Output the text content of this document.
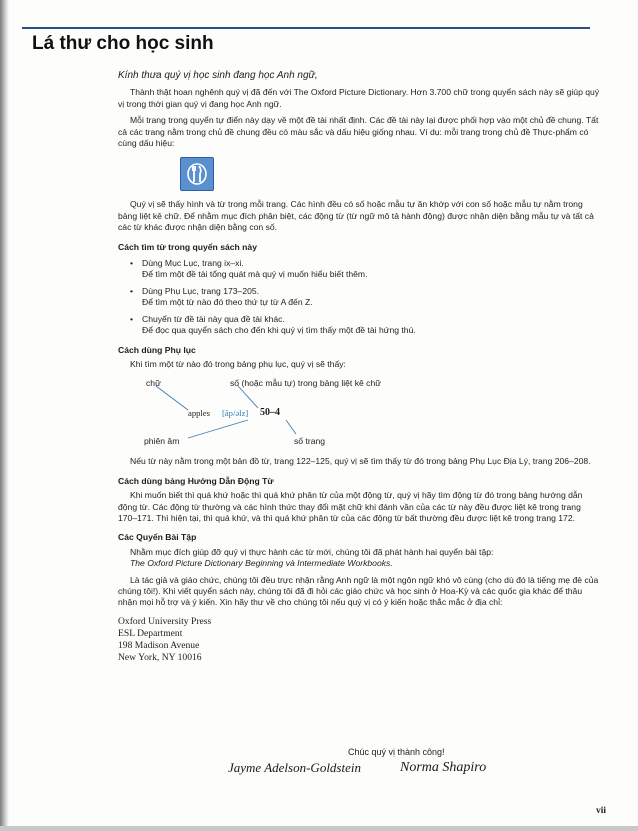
Lá thư cho học sinh

Kính thưa quý vị học sinh đang học Anh ngữ,

Thành thật hoan nghênh quý vị đã đến với The Oxford Picture Dictionary. Hơn 3.700 chữ trong quyển sách này sẽ giúp quý vị trong thời gian quý vị đang học Anh ngữ.

Mỗi trang trong quyển tự điển này dạy về một đề tài nhất định. Các đề tài này lại được phối hợp vào một chủ đề chung. Tất cả các trang nằm trong chủ đề chung đều có màu sắc và dấu hiệu giống nhau. Ví dụ: mỗi trang trong chủ đề Thực-phẩm có cùng dấu hiệu:

Quý vị sẽ thấy hình và từ trong mỗi trang. Các hình đều có số hoặc mẫu tự ăn khớp với con số hoặc mẫu tự nằm trong bảng liệt kê chữ. Để nhằm mục đích phân biệt, các động từ (từ ngữ mô tả hành động) được nhận diện bằng mẫu tự và tất cả các từ khác được nhận diện bằng con số.

Cách tìm từ trong quyển sách này

• Dùng Mục Lục, trang ix–xi.

Để tìm một đề tài tổng quát mà quý vị muốn hiểu biết thêm.

• Dùng Phụ Lục, trang 173–205.

Để tìm một từ nào đó theo thứ tự từ A đến Z.

• Chuyển từ đề tài này qua đề tài khác.

Để đọc qua quyển sách cho đến khi quý vị tìm thấy một đề tài hứng thú.

Cách dùng Phụ lục

Khi tìm một từ nào đó trong bảng phụ lục, quý vị sẽ thấy:

chữ	số (hoặc mẫu tự) trong bảng liệt kê chữ
apples [ăp/əlz] 50–4
phiên âm	số trang

Nếu từ này nằm trong một bản đồ từ, trang 122–125, quý vị sẽ tìm thấy từ đó trong bảng Phụ Lục Địa Lý, trang 206–208.

Cách dùng bảng Hướng Dẫn Động Từ

Khi muốn biết thì quá khứ hoặc thì quá khứ phân từ của một động từ, quý vị hãy tìm động từ đó trong bảng hướng dẫn động từ. Các động từ thường và các hình thức thay đổi mặt chữ khi đánh vần của các từ này đều được liệt kê trong trang 170–171. Thì hiện tại, thì quá khứ, và thì quá khứ phân từ của các động từ bất thường đều được liệt kê trong trang 172.

Các Quyển Bài Tập

Nhằm mục đích giúp đỡ quý vị thực hành các từ mới, chúng tôi đã phát hành hai quyển bài tập:

The Oxford Picture Dictionary Beginning và Intermediate Workbooks.

Là tác giả và giáo chức, chúng tôi đều trực nhận rằng Anh ngữ là một ngôn ngữ khó vô cùng (cho dù đó là tiếng mẹ đẻ của chúng tôi!). Khi viết quyển sách này, chúng tôi đã đi hỏi các giáo chức và học sinh ở Hoa-Kỳ và các quốc gia khác để thâu nhận mọi hỗ trợ và ý kiến. Xin hãy thư về cho chúng tôi nếu quý vị có ý kiến hoặc thắc mắc ở địa chỉ:

Oxford University Press

ESL Department

198 Madison Avenue

New York, NY 10016

Chúc quý vị thành công!
Jayme Adelson-Goldstein	Norma Shapiro
vii
